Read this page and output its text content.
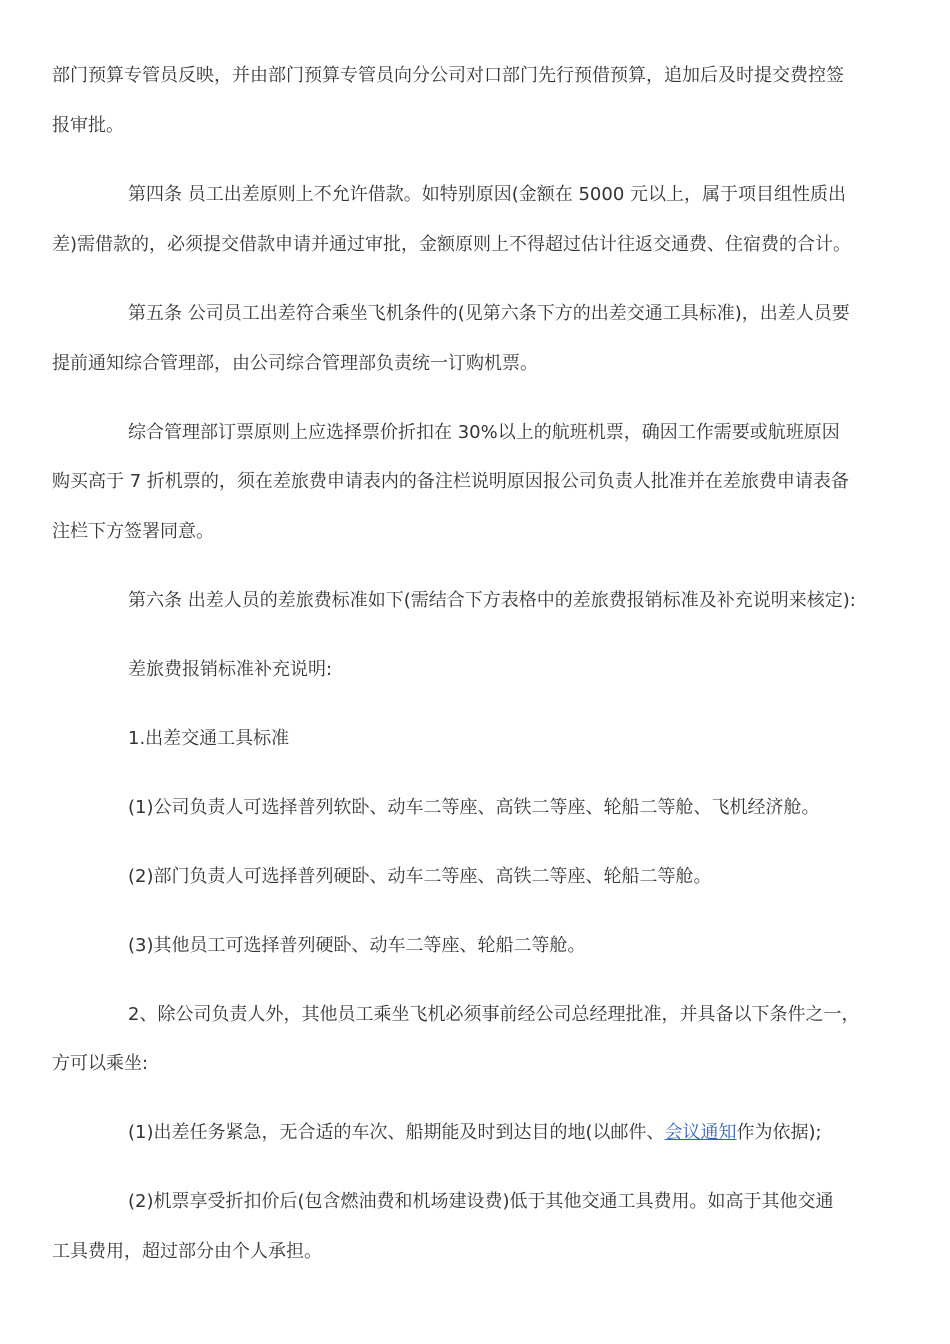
部门预算专管员反映，并由部门预算专管员向分公司对口部门先行预借预算，追加后及时提交费控签
报审批。
第四条 员工出差原则上不允许借款。如特别原因(金额在 5000 元以上，属于项目组性质出
差)需借款的，必须提交借款申请并通过审批，金额原则上不得超过估计往返交通费、住宿费的合计。
第五条 公司员工出差符合乘坐飞机条件的(见第六条下方的出差交通工具标准)，出差人员要
提前通知综合管理部，由公司综合管理部负责统一订购机票。
综合管理部订票原则上应选择票价折扣在 30%以上的航班机票，确因工作需要或航班原因
购买高于 7 折机票的，须在差旅费申请表内的备注栏说明原因报公司负责人批准并在差旅费申请表备
注栏下方签署同意。
第六条 出差人员的差旅费标准如下(需结合下方表格中的差旅费报销标准及补充说明来核定):
差旅费报销标准补充说明:
1.出差交通工具标准
(1)公司负责人可选择普列软卧、动车二等座、高铁二等座、轮船二等舱、飞机经济舱。
(2)部门负责人可选择普列硬卧、动车二等座、高铁二等座、轮船二等舱。
(3)其他员工可选择普列硬卧、动车二等座、轮船二等舱。
2、除公司负责人外，其他员工乘坐飞机必须事前经公司总经理批准，并具备以下条件之一，
方可以乘坐:
(1)出差任务紧急，无合适的车次、船期能及时到达目的地(以邮件、会议通知作为依据);
(2)机票享受折扣价后(包含燃油费和机场建设费)低于其他交通工具费用。如高于其他交通
工具费用，超过部分由个人承担。
